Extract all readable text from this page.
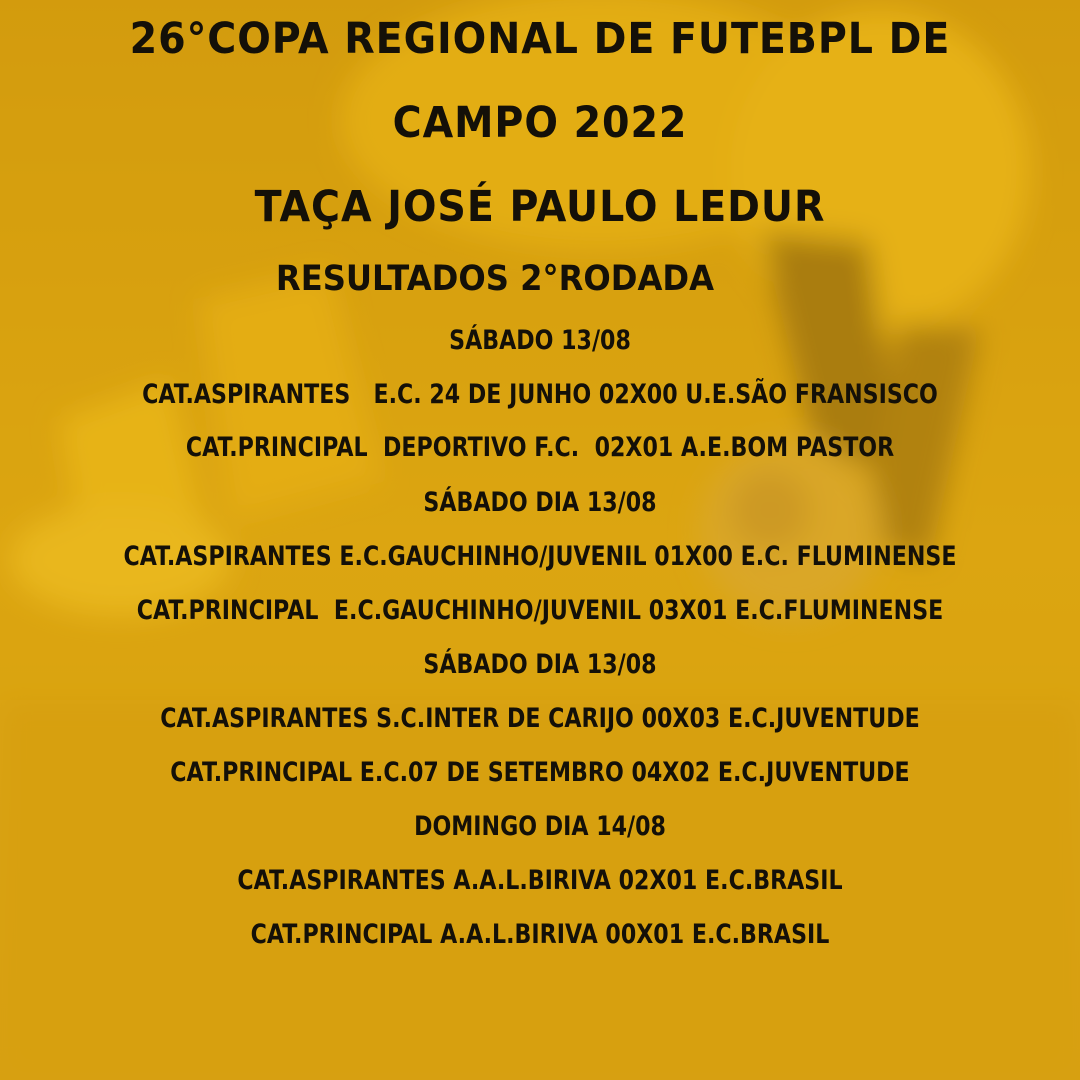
26°COPA REGIONAL DE FUTEBPL DE
CAMPO 2022
TAÇA JOSÉ PAULO LEDUR
RESULTADOS 2°RODADA
SÁBADO 13/08
CAT.ASPIRANTES   E.C. 24 DE JUNHO 02X00 U.E.SÃO FRANSISCO
CAT.PRINCIPAL  DEPORTIVO F.C.  02X01 A.E.BOM PASTOR
SÁBADO DIA 13/08
CAT.ASPIRANTES E.C.GAUCHINHO/JUVENIL 01X00 E.C. FLUMINENSE
CAT.PRINCIPAL  E.C.GAUCHINHO/JUVENIL 03X01 E.C.FLUMINENSE
SÁBADO DIA 13/08
CAT.ASPIRANTES S.C.INTER DE CARIJO 00X03 E.C.JUVENTUDE
CAT.PRINCIPAL E.C.07 DE SETEMBRO 04X02 E.C.JUVENTUDE
DOMINGO DIA 14/08
CAT.ASPIRANTES A.A.L.BIRIVA 02X01 E.C.BRASIL
CAT.PRINCIPAL A.A.L.BIRIVA 00X01 E.C.BRASIL
